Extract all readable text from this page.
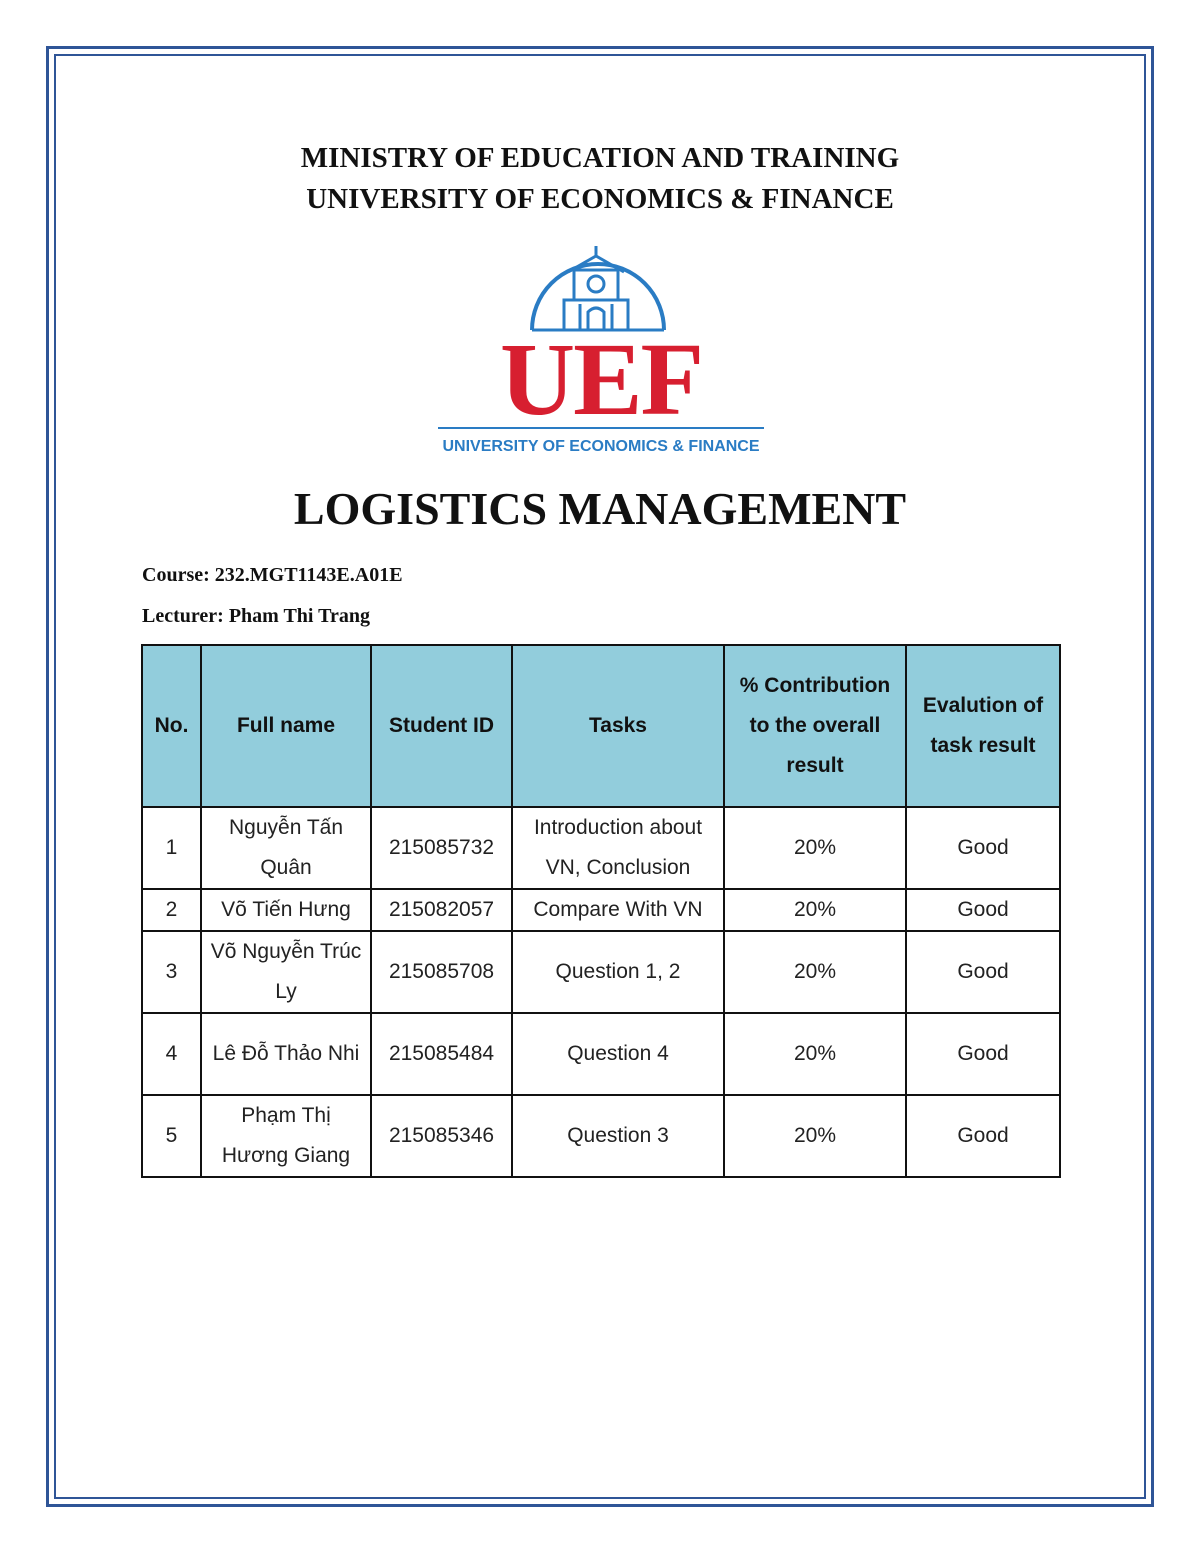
MINISTRY OF EDUCATION AND TRAINING
UNIVERSITY OF ECONOMICS & FINANCE
UEF
UNIVERSITY OF ECONOMICS & FINANCE
LOGISTICS MANAGEMENT
Course: 232.MGT1143E.A01E
Lecturer: Pham Thi Trang
No.	Full name	Student ID	Tasks	% Contribution to the overall result	Evalution of task result
1	Nguyễn Tấn Quân	215085732	Introduction about VN, Conclusion	20%	Good
2	Võ Tiến Hưng	215082057	Compare With VN	20%	Good
3	Võ Nguyễn Trúc Ly	215085708	Question 1, 2	20%	Good
4	Lê Đỗ Thảo Nhi	215085484	Question 4	20%	Good
5	Phạm Thị Hương Giang	215085346	Question 3	20%	Good
